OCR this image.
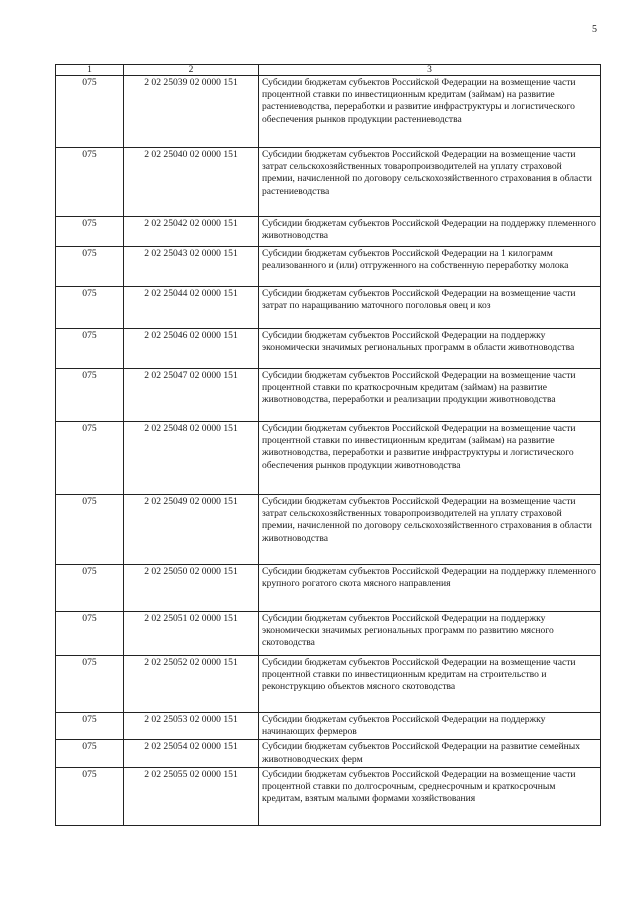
5
1	2	3
075	2 02 25039 02 0000 151	Субсидии бюджетам субъектов Российской Федерации на возмещение части процентной ставки по инвестиционным кредитам (займам) на развитие растениеводства, переработки и развитие инфраструктуры и логистического обеспечения рынков продукции растениеводства
075	2 02 25040 02 0000 151	Субсидии бюджетам субъектов Российской Федерации на возмещение части затрат сельскохозяйственных товаропроизводителей на уплату страховой премии, начисленной по договору сельскохозяйственного страхования в области растениеводства
075	2 02 25042 02 0000 151	Субсидии бюджетам субъектов Российской Федерации на поддержку племенного животноводства
075	2 02 25043 02 0000 151	Субсидии бюджетам субъектов Российской Федерации на 1 килограмм реализованного и (или) отгруженного на собственную переработку молока
075	2 02 25044 02 0000 151	Субсидии бюджетам субъектов Российской Федерации на возмещение части затрат по наращиванию маточного поголовья овец и коз
075	2 02 25046 02 0000 151	Субсидии бюджетам субъектов Российской Федерации на поддержку экономически значимых региональных программ в области животноводства
075	2 02 25047 02 0000 151	Субсидии бюджетам субъектов Российской Федерации на возмещение части процентной ставки по краткосрочным кредитам (займам) на развитие животноводства, переработки и реализации продукции животноводства
075	2 02 25048 02 0000 151	Субсидии бюджетам субъектов Российской Федерации на возмещение части процентной ставки по инвестиционным кредитам (займам) на развитие животноводства, переработки и развитие инфраструктуры и логистического обеспечения рынков продукции животноводства
075	2 02 25049 02 0000 151	Субсидии бюджетам субъектов Российской Федерации на возмещение части затрат сельскохозяйственных товаропроизводителей на уплату страховой премии, начисленной по договору сельскохозяйственного страхования в области животноводства
075	2 02 25050 02 0000 151	Субсидии бюджетам субъектов Российской Федерации на поддержку племенного крупного рогатого скота мясного направления
075	2 02 25051 02 0000 151	Субсидии бюджетам субъектов Российской Федерации на поддержку экономически значимых региональных программ по развитию мясного скотоводства
075	2 02 25052 02 0000 151	Субсидии бюджетам субъектов Российской Федерации на возмещение части процентной ставки по инвестиционным кредитам на строительство и реконструкцию объектов мясного скотоводства
075	2 02 25053 02 0000 151	Субсидии бюджетам субъектов Российской Федерации на поддержку начинающих фермеров
075	2 02 25054 02 0000 151	Субсидии бюджетам субъектов Российской Федерации на развитие семейных животноводческих ферм
075	2 02 25055 02 0000 151	Субсидии бюджетам субъектов Российской Федерации на возмещение части процентной ставки по долгосрочным, среднесрочным и краткосрочным кредитам, взятым малыми формами хозяйствования
